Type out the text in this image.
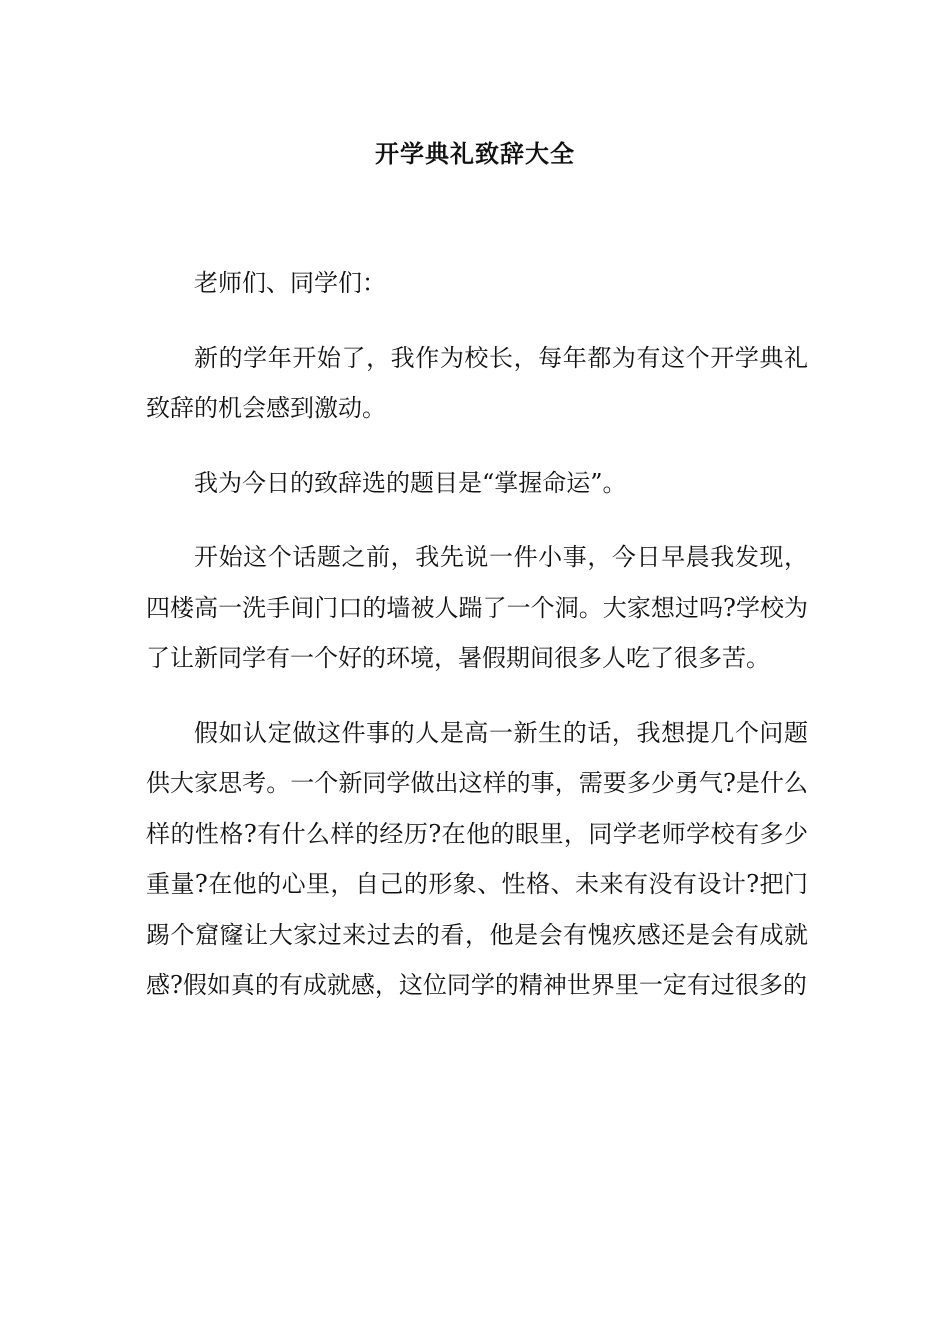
开学典礼致辞大全

老师们、同学们：

新的学年开始了，我作为校长，每年都为有这个开学典礼致辞的机会感到激动。

我为今日的致辞选的题目是“掌握命运”。

开始这个话题之前，我先说一件小事，今日早晨我发现，四楼高一洗手间门口的墙被人踹了一个洞。大家想过吗?学校为了让新同学有一个好的环境，暑假期间很多人吃了很多苦。

假如认定做这件事的人是高一新生的话，我想提几个问题供大家思考。一个新同学做出这样的事，需要多少勇气?是什么样的性格?有什么样的经历?在他的眼里，同学老师学校有多少重量?在他的心里，自己的形象、性格、未来有没有设计?把门踢个窟窿让大家过来过去的看，他是会有愧疚感还是会有成就感?假如真的有成就感，这位同学的精神世界里一定有过很多的
